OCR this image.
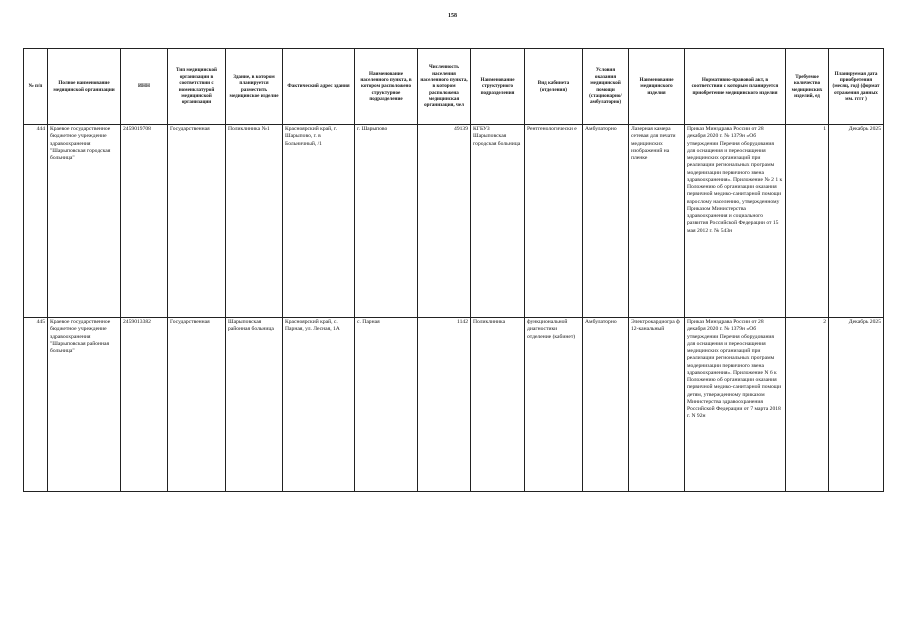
158
№ п/п	Полное наименование медицинской организации	ИНН	Тип медицинской организации в соответствии с номенклатурой медицинской организации	Здание, в котором планируется разместить медицинское изделие	Фактический адрес здания	Наименование населенного пункта, в котором расположено структурное подразделение	Численность населения населенного пункта, в котором расположена медицинская организация, чел	Наименование структурного подразделения	Вид кабинета (отделения)	Условия оказания медицинской помощи (стационарно/ амбулаторно)	Наименование медицинского изделия	Нормативно-правовой акт, в соответствии с которым планируется приобретение медицинского изделия	Требуемое количество медицинских изделий, ед	Планируемая дата приобретения (месяц, год) (формат отражения данных мм. гггг )
444	Краевое государственное бюджетное учреждение здравоохранения "Шарыповская городская больница"	2459019708	Государственная	Поликлиника №1	Красноярский край, г. Шарыпово, г. в Больничный, /1	г. Шарыпово	49139	КГБУЗ Шарыповская городская больница	Рентгенологически е	Амбулаторно	Лазерная камера сетевая для печати медицинских изображений на пленке	Приказ Минздрава России от 28 декабря 2020 г. № 1379н «Об утверждении Перечня оборудования для оснащения и переоснащения медицинских организаций при реализации региональных программ модернизации первичного звена здравоохранения». Приложение № 2 1 к Положению об организации оказания первичной медико-санитарной помощи взрослому населению, утвержденному Приказом Министерства здравоохранения и социального развития Российской Федерации от 15 мая 2012 г. № 543н	1	Декабрь 2025
445	Краевое государственное бюджетное учреждение здравоохранения "Шарыповская районная больница"	2459013382	Государственная	Шарыповская районная больница	Красноярский край, с. Парная, ул. Лесная, 1А	с. Парная	1142	Поликлиника	функциональной диагностики отделение (кабинет)	Амбулаторно	Электрокардиогра ф 12-канальный	Приказ Минздрава России от 28 декабря 2020 г. № 1379н «Об утверждении Перечня оборудования для оснащения и переоснащения медицинских организаций при реализации региональных программ модернизации первичного звена здравоохранения». Приложение N 6 к Положению об организации оказания первичной медико-санитарной помощи детям, утвержденному приказом Министерства здравоохранения Российской Федерации от 7 марта 2018 г. N 92н	2	Декабрь 2025
